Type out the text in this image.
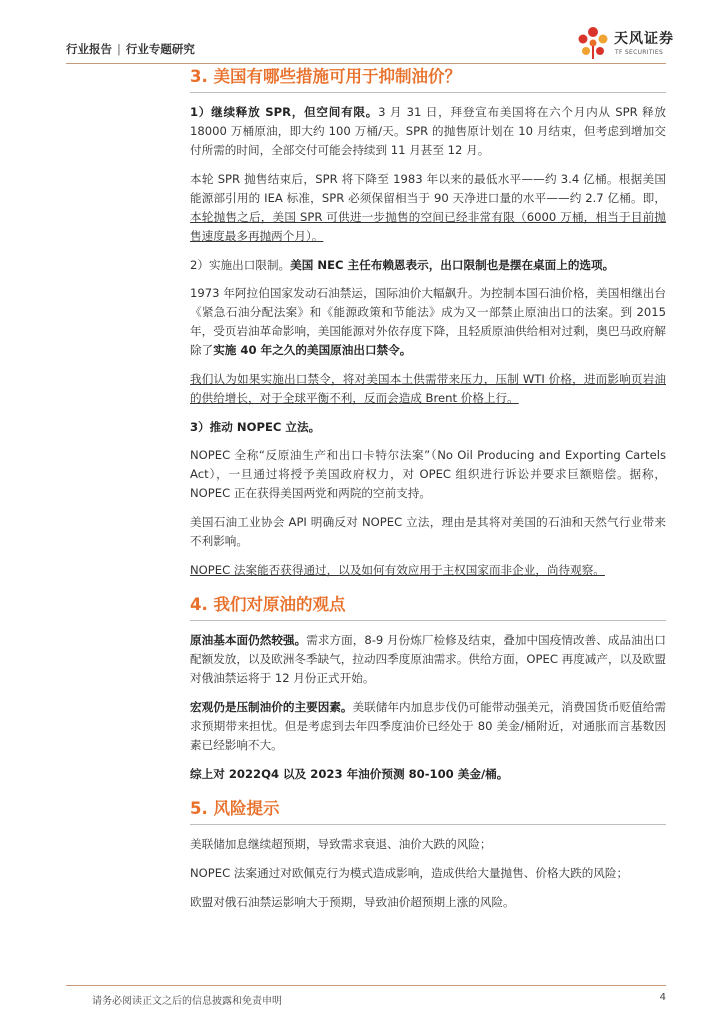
行业报告 | 行业专题研究
天风证券
TF SECURITIES
3. 美国有哪些措施可用于抑制油价？

1）继续释放 SPR，但空间有限。3 月 31 日，拜登宣布美国将在六个月内从 SPR 释放 18000 万桶原油，即大约 100 万桶/天。SPR 的抛售原计划在 10 月结束，但考虑到增加交付所需的时间，全部交付可能会持续到 11 月甚至 12 月。

本轮 SPR 抛售结束后，SPR 将下降至 1983 年以来的最低水平——约 3.4 亿桶。根据美国能源部引用的 IEA 标准，SPR 必须保留相当于 90 天净进口量的水平——约 2.7 亿桶。即，本轮抛售之后，美国 SPR 可供进一步抛售的空间已经非常有限（6000 万桶，相当于目前抛售速度最多再抛两个月）。

2）实施出口限制。美国 NEC 主任布赖恩表示，出口限制也是摆在桌面上的选项。

1973 年阿拉伯国家发动石油禁运，国际油价大幅飙升。为控制本国石油价格，美国相继出台《紧急石油分配法案》和《能源政策和节能法》成为又一部禁止原油出口的法案。到 2015 年，受页岩油革命影响，美国能源对外依存度下降，且轻质原油供给相对过剩，奥巴马政府解除了实施 40 年之久的美国原油出口禁令。

我们认为如果实施出口禁令，将对美国本土供需带来压力，压制 WTI 价格，进而影响页岩油的供给增长，对于全球平衡不利，反而会造成 Brent 价格上行。

3）推动 NOPEC 立法。

NOPEC 全称“反原油生产和出口卡特尔法案”（No Oil Producing and Exporting Cartels Act），一旦通过将授予美国政府权力，对 OPEC 组织进行诉讼并要求巨额赔偿。据称，NOPEC 正在获得美国两党和两院的空前支持。

美国石油工业协会 API 明确反对 NOPEC 立法，理由是其将对美国的石油和天然气行业带来不利影响。

NOPEC 法案能否获得通过，以及如何有效应用于主权国家而非企业，尚待观察。

4. 我们对原油的观点

原油基本面仍然较强。需求方面，8-9 月份炼厂检修及结束，叠加中国疫情改善、成品油出口配额发放，以及欧洲冬季缺气，拉动四季度原油需求。供给方面，OPEC 再度减产，以及欧盟对俄油禁运将于 12 月份正式开始。

宏观仍是压制油价的主要因素。美联储年内加息步伐仍可能带动强美元，消费国货币贬值给需求预期带来担忧。但是考虑到去年四季度油价已经处于 80 美金/桶附近，对通胀而言基数因素已经影响不大。

综上对 2022Q4 以及 2023 年油价预测 80-100 美金/桶。

5. 风险提示

美联储加息继续超预期，导致需求衰退、油价大跌的风险；

NOPEC 法案通过对欧佩克行为模式造成影响，造成供给大量抛售、价格大跌的风险；

欧盟对俄石油禁运影响大于预期，导致油价超预期上涨的风险。

请务必阅读正文之后的信息披露和免责申明	4
